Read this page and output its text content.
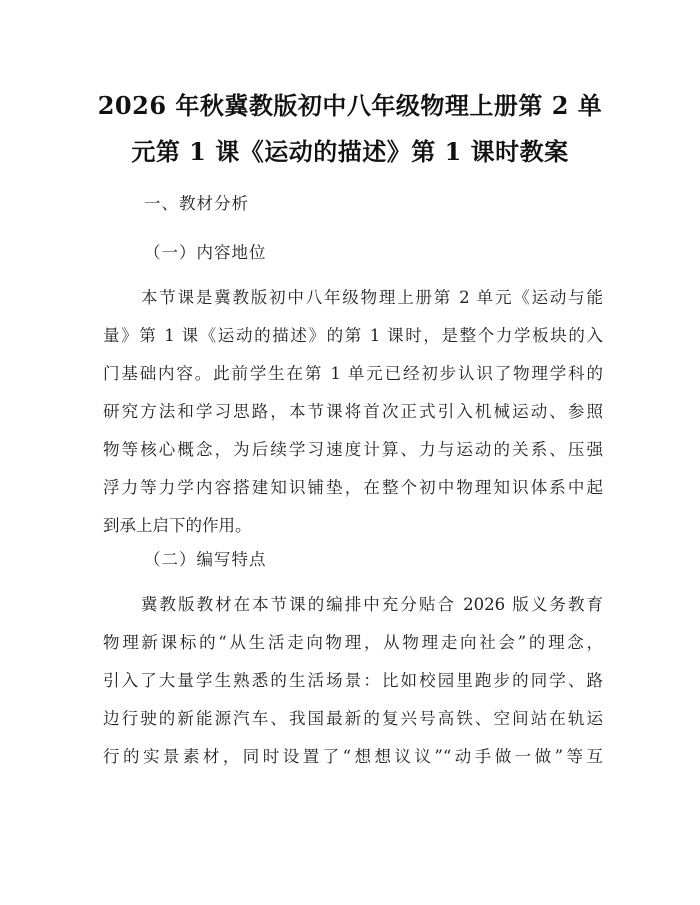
2026 年秋冀教版初中八年级物理上册第 2 单
元第 1 课《运动的描述》第 1 课时教案
一、教材分析
（一）内容地位
本节课是冀教版初中八年级物理上册第 2 单元《运动与能
量》第 1 课《运动的描述》的第 1 课时，是整个力学板块的入
门基础内容。此前学生在第 1 单元已经初步认识了物理学科的
研究方法和学习思路，本节课将首次正式引入机械运动、参照
物等核心概念，为后续学习速度计算、力与运动的关系、压强
浮力等力学内容搭建知识铺垫，在整个初中物理知识体系中起
到承上启下的作用。
（二）编写特点
冀教版教材在本节课的编排中充分贴合 2026 版义务教育
物理新课标的“从生活走向物理，从物理走向社会”的理念，
引入了大量学生熟悉的生活场景：比如校园里跑步的同学、路
边行驶的新能源汽车、我国最新的复兴号高铁、空间站在轨运
行的实景素材，同时设置了“想想议议”“动手做一做”等互
